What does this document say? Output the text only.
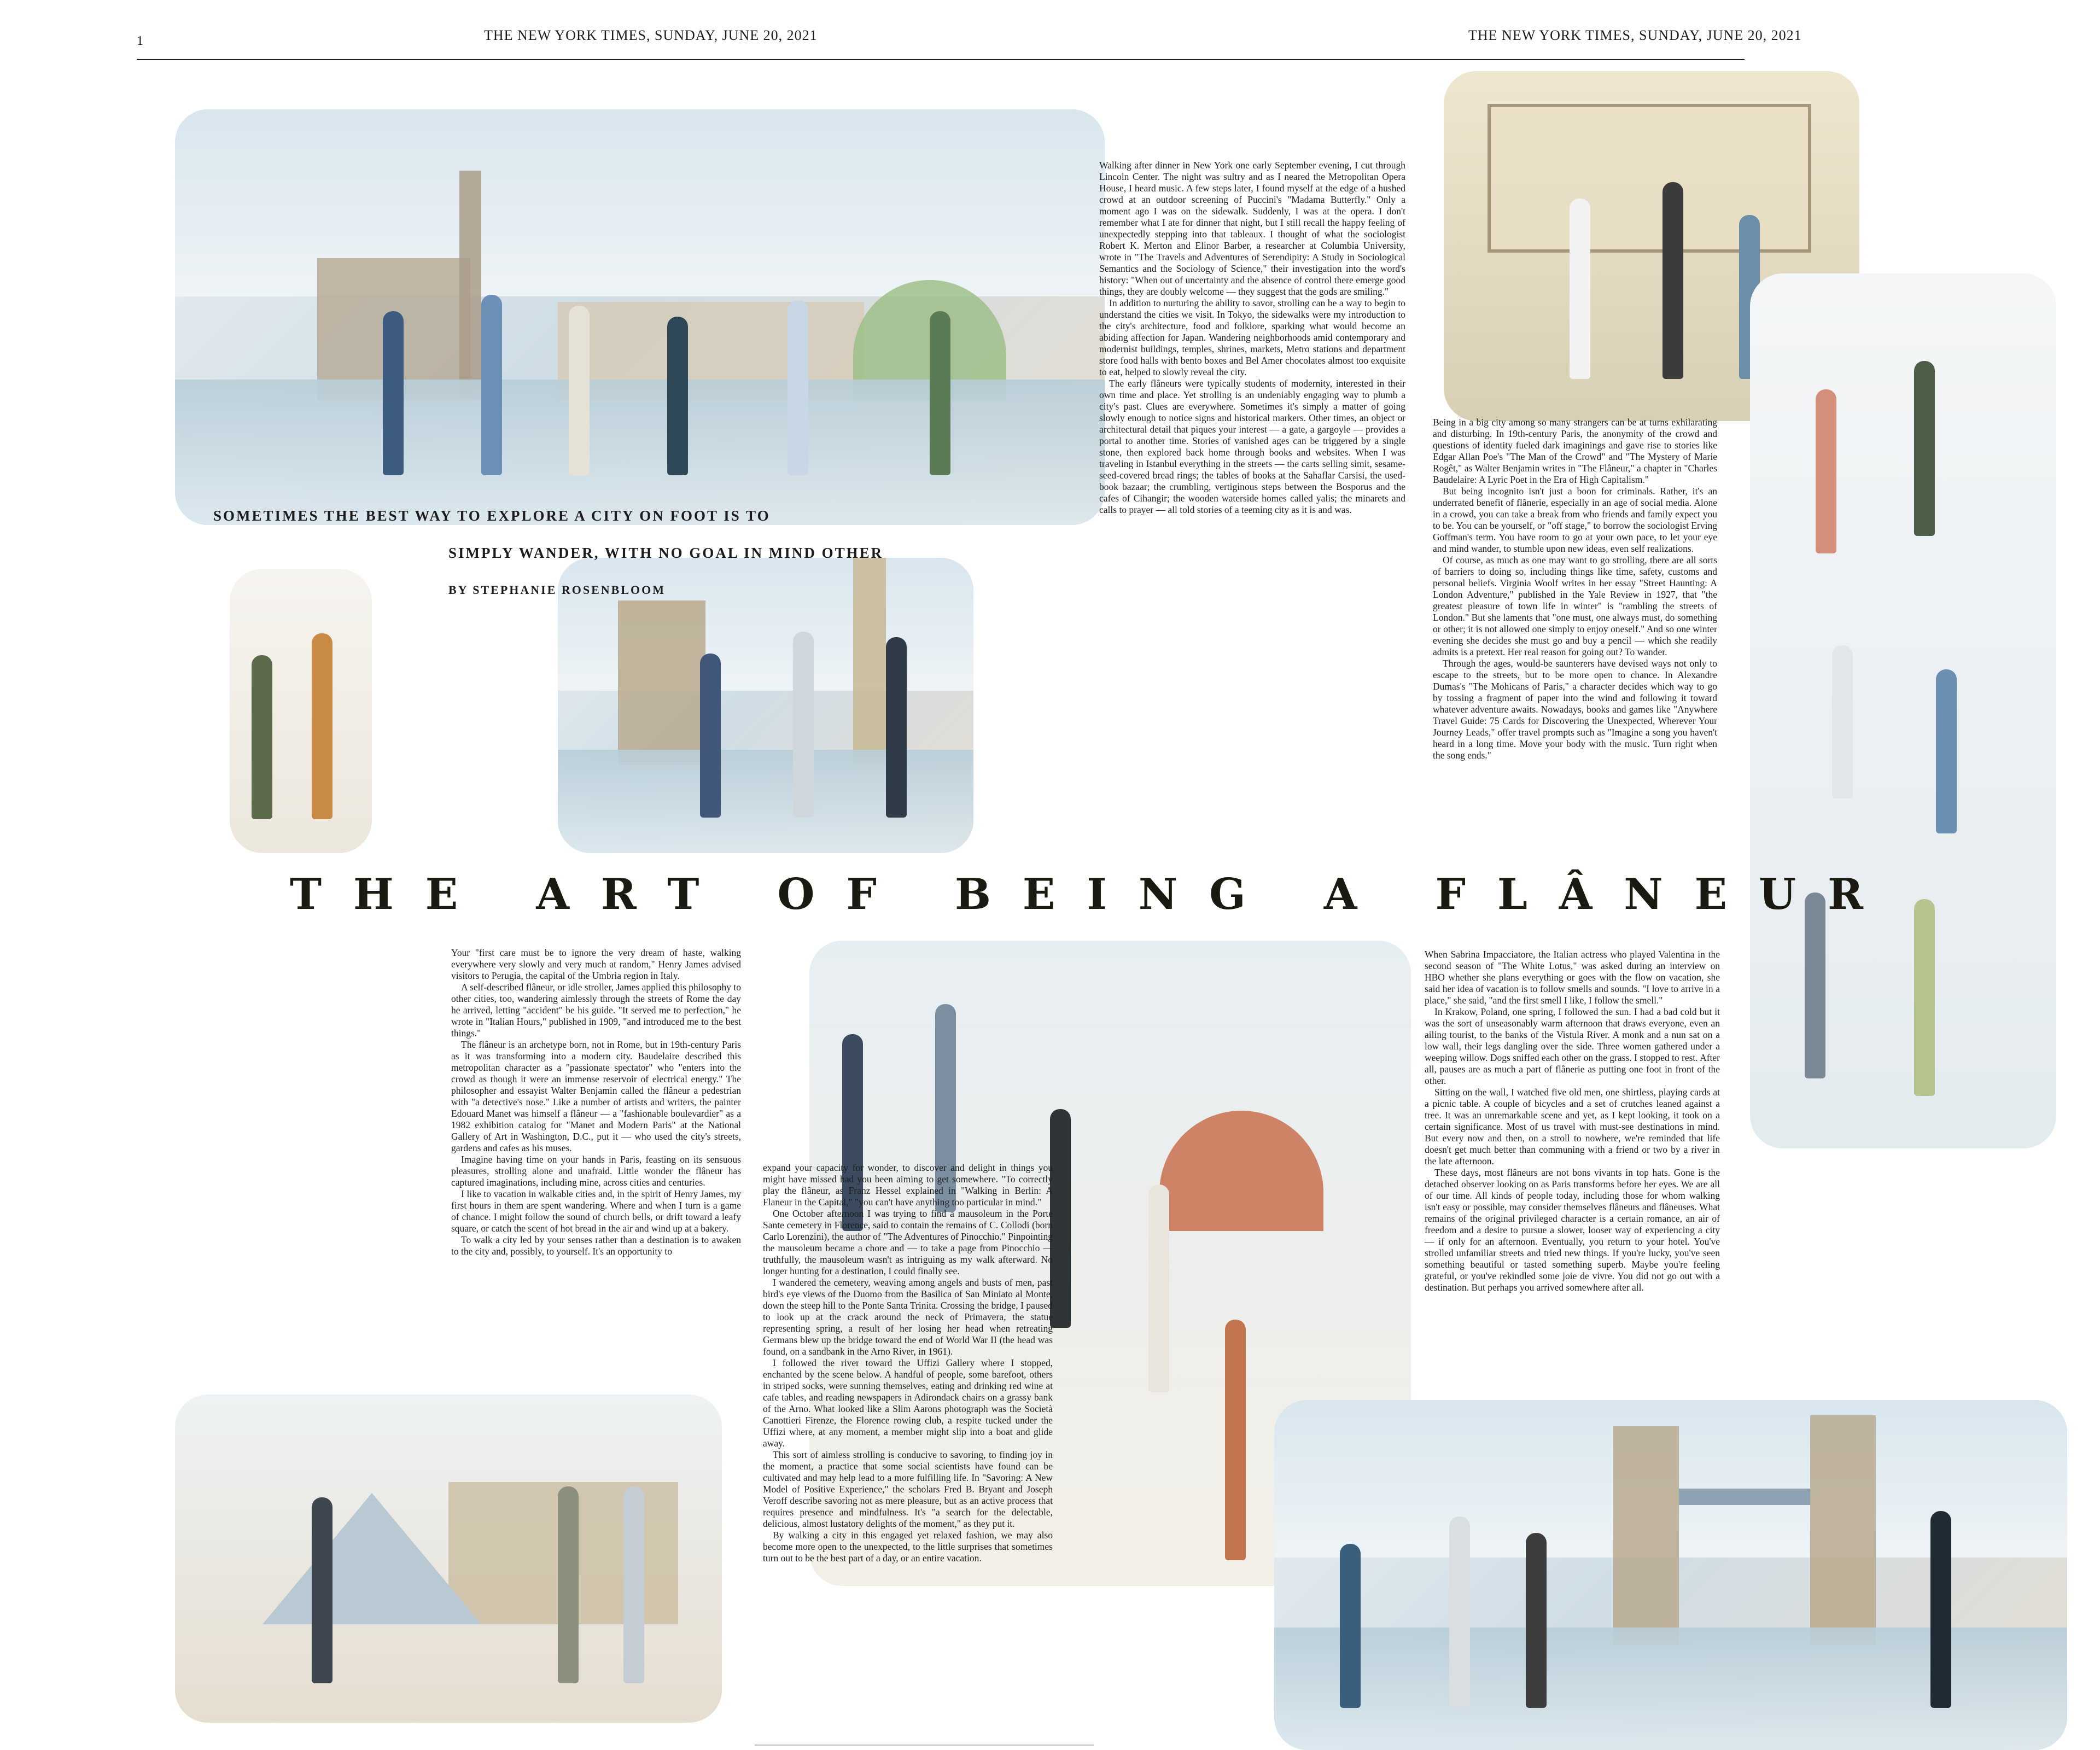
1	THE NEW YORK TIMES, SUNDAY, JUNE 20, 2021	THE NEW YORK TIMES, SUNDAY, JUNE 20, 2021
SOMETIMES THE BEST WAY TO EXPLORE A CITY ON FOOT IS TO
SIMPLY WANDER, WITH NO GOAL IN MIND OTHER
BY STEPHANIE ROSENBLOOM
THE ART OF BEING A FLÂNEUR

Walking after dinner in New York one early September evening, I cut through Lincoln Center. The night was sultry and as I neared the Metropolitan Opera House, I heard music. A few steps later, I found myself at the edge of a hushed crowd at an outdoor screening of Puccini's "Madama Butterfly." Only a moment ago I was on the sidewalk. Suddenly, I was at the opera. I don't remember what I ate for dinner that night, but I still recall the happy feeling of unexpectedly stepping into that tableaux. I thought of what the sociologist Robert K. Merton and Elinor Barber, a researcher at Columbia University, wrote in "The Travels and Adventures of Serendipity: A Study in Sociological Semantics and the Sociology of Science," their investigation into the word's history: "When out of uncertainty and the absence of control there emerge good things, they are doubly welcome — they suggest that the gods are smiling."

In addition to nurturing the ability to savor, strolling can be a way to begin to understand the cities we visit. In Tokyo, the sidewalks were my introduction to the city's architecture, food and folklore, sparking what would become an abiding affection for Japan. Wandering neighborhoods amid contemporary and modernist buildings, temples, shrines, markets, Metro stations and department store food halls with bento boxes and Bel Amer chocolates almost too exquisite to eat, helped to slowly reveal the city.

The early flâneurs were typically students of modernity, interested in their own time and place. Yet strolling is an undeniably engaging way to plumb a city's past. Clues are everywhere. Sometimes it's simply a matter of going slowly enough to notice signs and historical markers. Other times, an object or architectural detail that piques your interest — a gate, a gargoyle — provides a portal to another time. Stories of vanished ages can be triggered by a single stone, then explored back home through books and websites. When I was traveling in Istanbul everything in the streets — the carts selling simit, sesame-seed-covered bread rings; the tables of books at the Sahaflar Carsisi, the used-book bazaar; the crumbling, vertiginous steps between the Bosporus and the cafes of Cihangir; the wooden waterside homes called yalis; the minarets and calls to prayer — all told stories of a teeming city as it is and was.

Being in a big city among so many strangers can be at turns exhilarating and disturbing. In 19th-century Paris, the anonymity of the crowd and questions of identity fueled dark imaginings and gave rise to stories like Edgar Allan Poe's "The Man of the Crowd" and "The Mystery of Marie Rogêt," as Walter Benjamin writes in "The Flâneur," a chapter in "Charles Baudelaire: A Lyric Poet in the Era of High Capitalism."

But being incognito isn't just a boon for criminals. Rather, it's an underrated benefit of flânerie, especially in an age of social media. Alone in a crowd, you can take a break from who friends and family expect you to be. You can be yourself, or "off stage," to borrow the sociologist Erving Goffman's term. You have room to go at your own pace, to let your eye and mind wander, to stumble upon new ideas, even self realizations.

Of course, as much as one may want to go strolling, there are all sorts of barriers to doing so, including things like time, safety, customs and personal beliefs. Virginia Woolf writes in her essay "Street Haunting: A London Adventure," published in the Yale Review in 1927, that "the greatest pleasure of town life in winter" is "rambling the streets of London." But she laments that "one must, one always must, do something or other; it is not allowed one simply to enjoy oneself." And so one winter evening she decides she must go and buy a pencil — which she readily admits is a pretext. Her real reason for going out? To wander.

Through the ages, would-be saunterers have devised ways not only to escape to the streets, but to be more open to chance. In Alexandre Dumas's "The Mohicans of Paris," a character decides which way to go by tossing a fragment of paper into the wind and following it toward whatever adventure awaits. Nowadays, books and games like "Anywhere Travel Guide: 75 Cards for Discovering the Unexpected, Wherever Your Journey Leads," offer travel prompts such as "Imagine a song you haven't heard in a long time. Move your body with the music. Turn right when the song ends."

Your "first care must be to ignore the very dream of haste, walking everywhere very slowly and very much at random," Henry James advised visitors to Perugia, the capital of the Umbria region in Italy.

A self-described flâneur, or idle stroller, James applied this philosophy to other cities, too, wandering aimlessly through the streets of Rome the day he arrived, letting "accident" be his guide. "It served me to perfection," he wrote in "Italian Hours," published in 1909, "and introduced me to the best things."

The flâneur is an archetype born, not in Rome, but in 19th-century Paris as it was transforming into a modern city. Baudelaire described this metropolitan character as a "passionate spectator" who "enters into the crowd as though it were an immense reservoir of electrical energy." The philosopher and essayist Walter Benjamin called the flâneur a pedestrian with "a detective's nose." Like a number of artists and writers, the painter Edouard Manet was himself a flâneur — a "fashionable boulevardier" as a 1982 exhibition catalog for "Manet and Modern Paris" at the National Gallery of Art in Washington, D.C., put it — who used the city's streets, gardens and cafes as his muses.

Imagine having time on your hands in Paris, feasting on its sensuous pleasures, strolling alone and unafraid. Little wonder the flâneur has captured imaginations, including mine, across cities and centuries.

I like to vacation in walkable cities and, in the spirit of Henry James, my first hours in them are spent wandering. Where and when I turn is a game of chance. I might follow the sound of church bells, or drift toward a leafy square, or catch the scent of hot bread in the air and wind up at a bakery.

To walk a city led by your senses rather than a destination is to awaken to the city and, possibly, to yourself. It's an opportunity to

expand your capacity for wonder, to discover and delight in things you might have missed had you been aiming to get somewhere. "To correctly play the flâneur, as Franz Hessel explained in "Walking in Berlin: A Flaneur in the Capital," "you can't have anything too particular in mind."

One October afternoon I was trying to find a mausoleum in the Porte Sante cemetery in Florence, said to contain the remains of C. Collodi (born Carlo Lorenzini), the author of "The Adventures of Pinocchio." Pinpointing the mausoleum became a chore and — to take a page from Pinocchio — truthfully, the mausoleum wasn't as intriguing as my walk afterward. No longer hunting for a destination, I could finally see.

I wandered the cemetery, weaving among angels and busts of men, past bird's eye views of the Duomo from the Basilica of San Miniato al Monte, down the steep hill to the Ponte Santa Trinita. Crossing the bridge, I paused to look up at the crack around the neck of Primavera, the statue representing spring, a result of her losing her head when retreating Germans blew up the bridge toward the end of World War II (the head was found, on a sandbank in the Arno River, in 1961).

I followed the river toward the Uffizi Gallery where I stopped, enchanted by the scene below. A handful of people, some barefoot, others in striped socks, were sunning themselves, eating and drinking red wine at cafe tables, and reading newspapers in Adirondack chairs on a grassy bank of the Arno. What looked like a Slim Aarons photograph was the Società Canottieri Firenze, the Florence rowing club, a respite tucked under the Uffizi where, at any moment, a member might slip into a boat and glide away.

This sort of aimless strolling is conducive to savoring, to finding joy in the moment, a practice that some social scientists have found can be cultivated and may help lead to a more fulfilling life. In "Savoring: A New Model of Positive Experience," the scholars Fred B. Bryant and Joseph Veroff describe savoring not as mere pleasure, but as an active process that requires presence and mindfulness. It's "a search for the delectable, delicious, almost lustatory delights of the moment," as they put it.

By walking a city in this engaged yet relaxed fashion, we may also become more open to the unexpected, to the little surprises that sometimes turn out to be the best part of a day, or an entire vacation.

When Sabrina Impacciatore, the Italian actress who played Valentina in the second season of "The White Lotus," was asked during an interview on HBO whether she plans everything or goes with the flow on vacation, she said her idea of vacation is to follow smells and sounds. "I love to arrive in a place," she said, "and the first smell I like, I follow the smell."

In Krakow, Poland, one spring, I followed the sun. I had a bad cold but it was the sort of unseasonably warm afternoon that draws everyone, even an ailing tourist, to the banks of the Vistula River. A monk and a nun sat on a low wall, their legs dangling over the side. Three women gathered under a weeping willow. Dogs sniffed each other on the grass. I stopped to rest. After all, pauses are as much a part of flânerie as putting one foot in front of the other.

Sitting on the wall, I watched five old men, one shirtless, playing cards at a picnic table. A couple of bicycles and a set of crutches leaned against a tree. It was an unremarkable scene and yet, as I kept looking, it took on a certain significance. Most of us travel with must-see destinations in mind. But every now and then, on a stroll to nowhere, we're reminded that life doesn't get much better than communing with a friend or two by a river in the late afternoon.

These days, most flâneurs are not bons vivants in top hats. Gone is the detached observer looking on as Paris transforms before her eyes. We are all of our time. All kinds of people today, including those for whom walking isn't easy or possible, may consider themselves flâneurs and flâneuses. What remains of the original privileged character is a certain romance, an air of freedom and a desire to pursue a slower, looser way of experiencing a city — if only for an afternoon. Eventually, you return to your hotel. You've strolled unfamiliar streets and tried new things. If you're lucky, you've seen something beautiful or tasted something superb. Maybe you're feeling grateful, or you've rekindled some joie de vivre. You did not go out with a destination. But perhaps you arrived somewhere after all.
